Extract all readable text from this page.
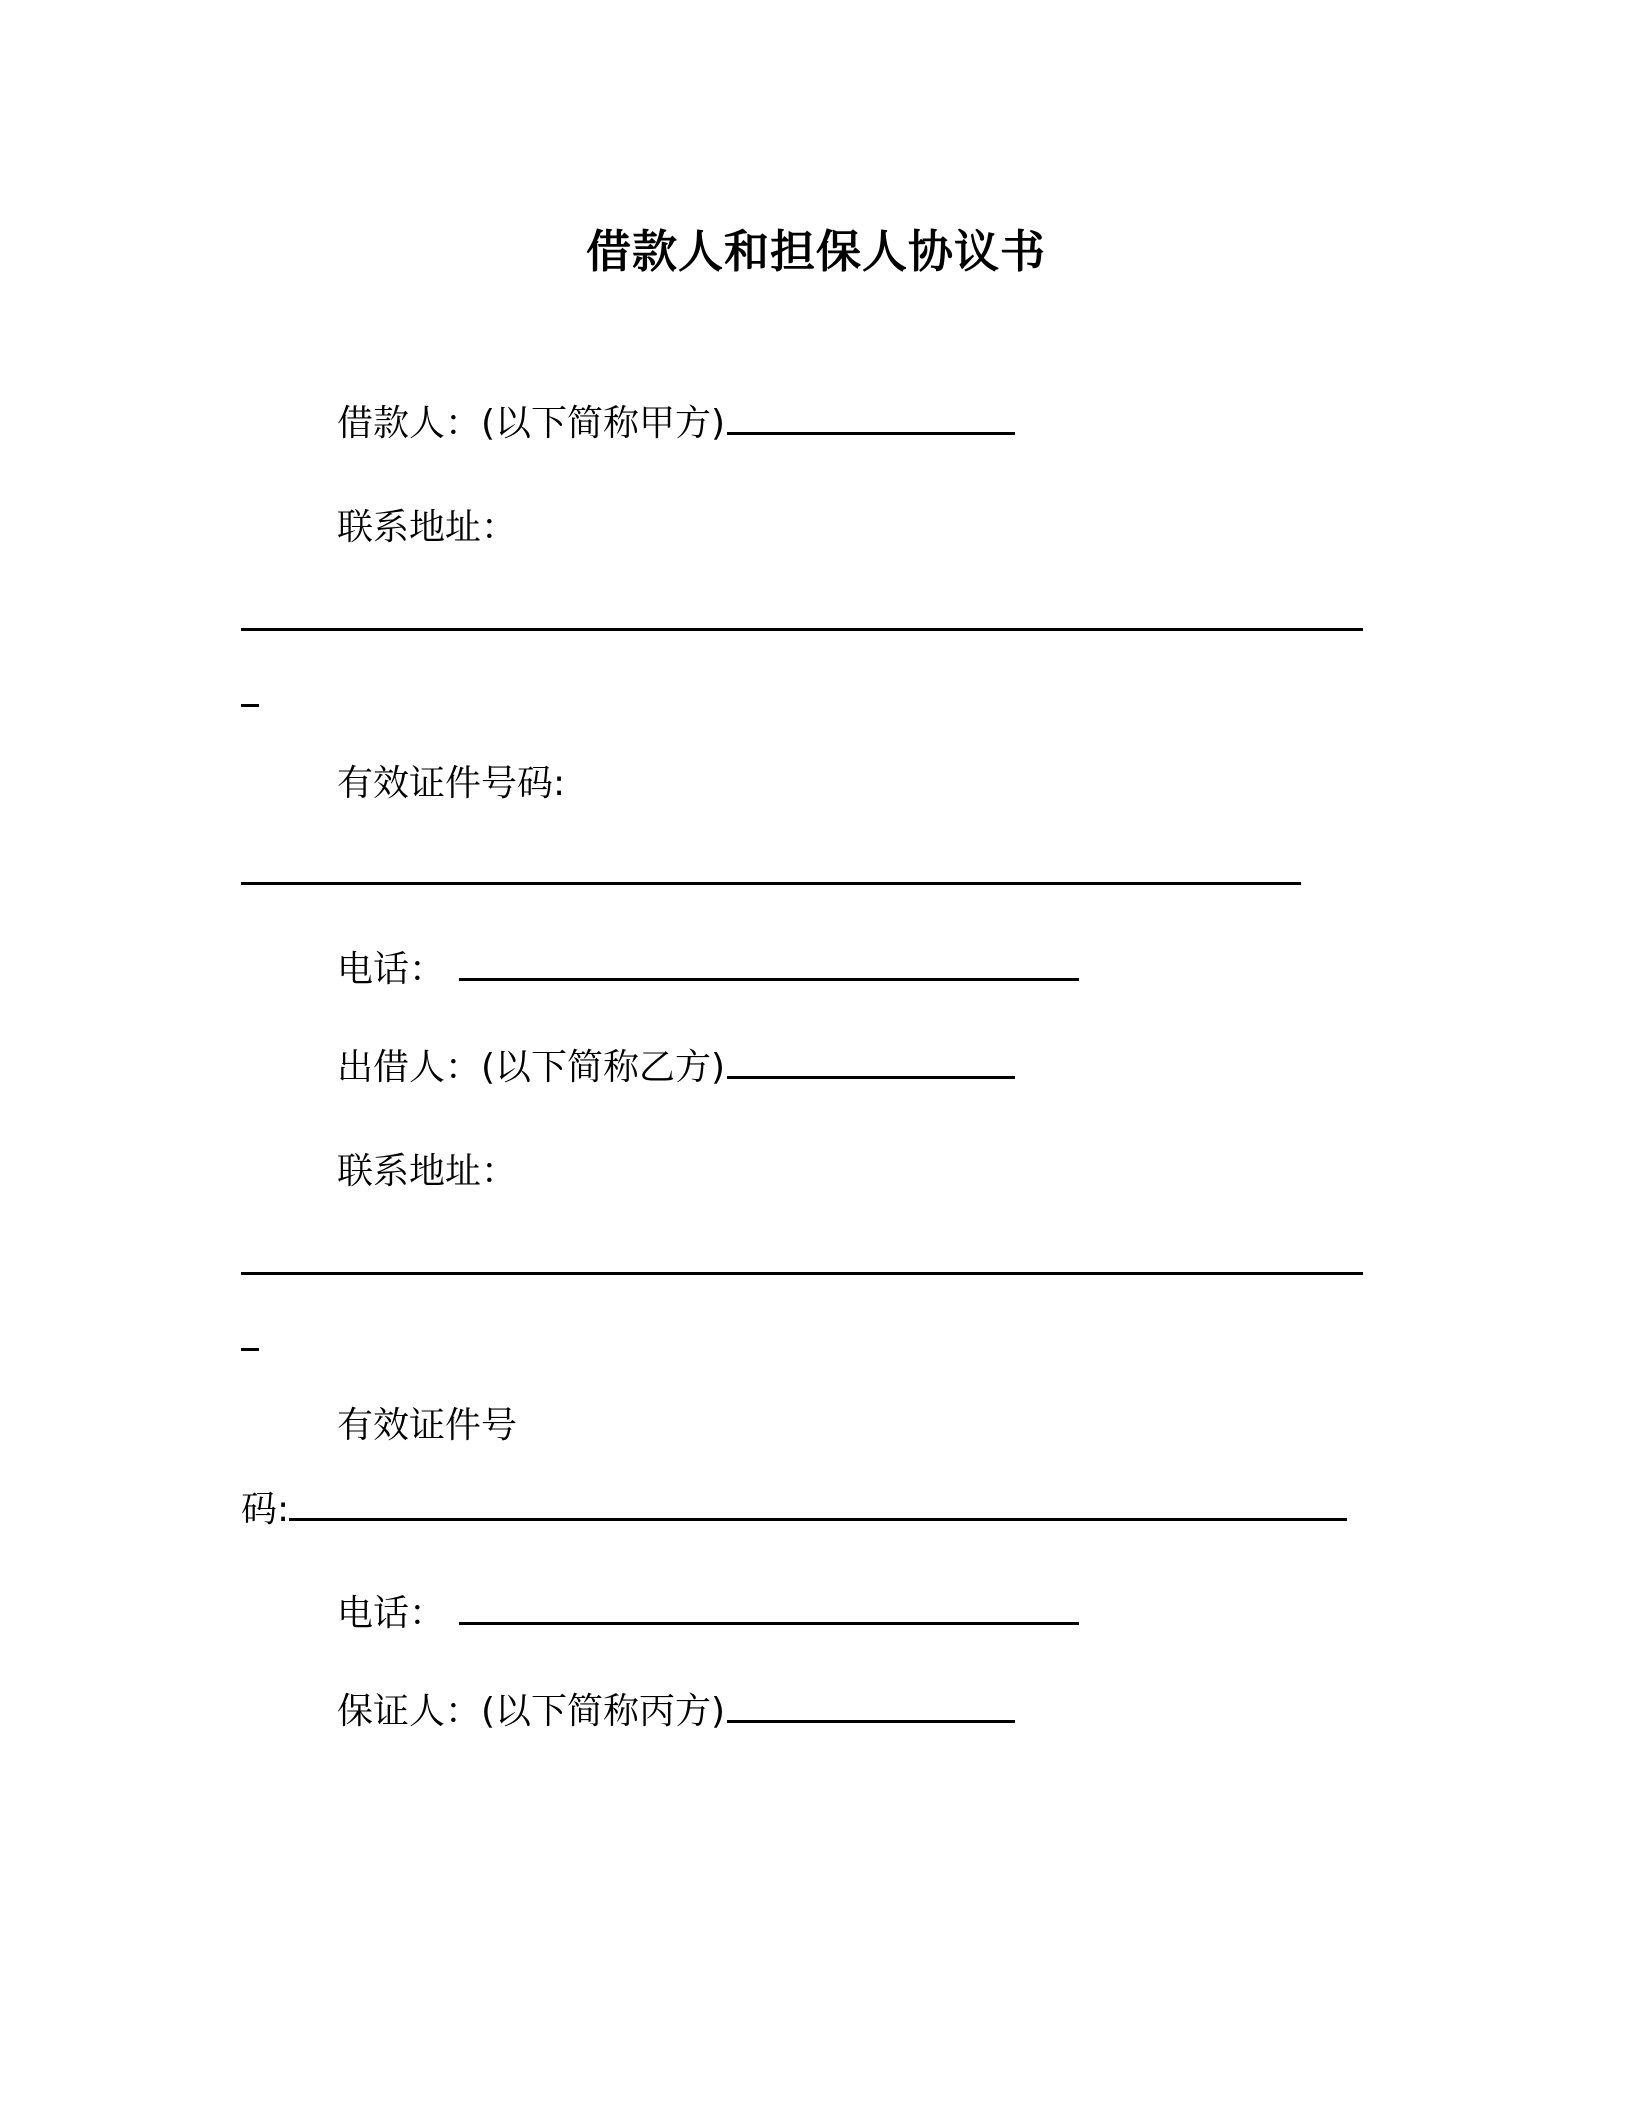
借款人和担保人协议书
借款人：(以下简称甲方)
联系地址：
有效证件号码:
电话：
出借人：(以下简称乙方)
联系地址：
有效证件号
码:
电话：
保证人：(以下简称丙方)
